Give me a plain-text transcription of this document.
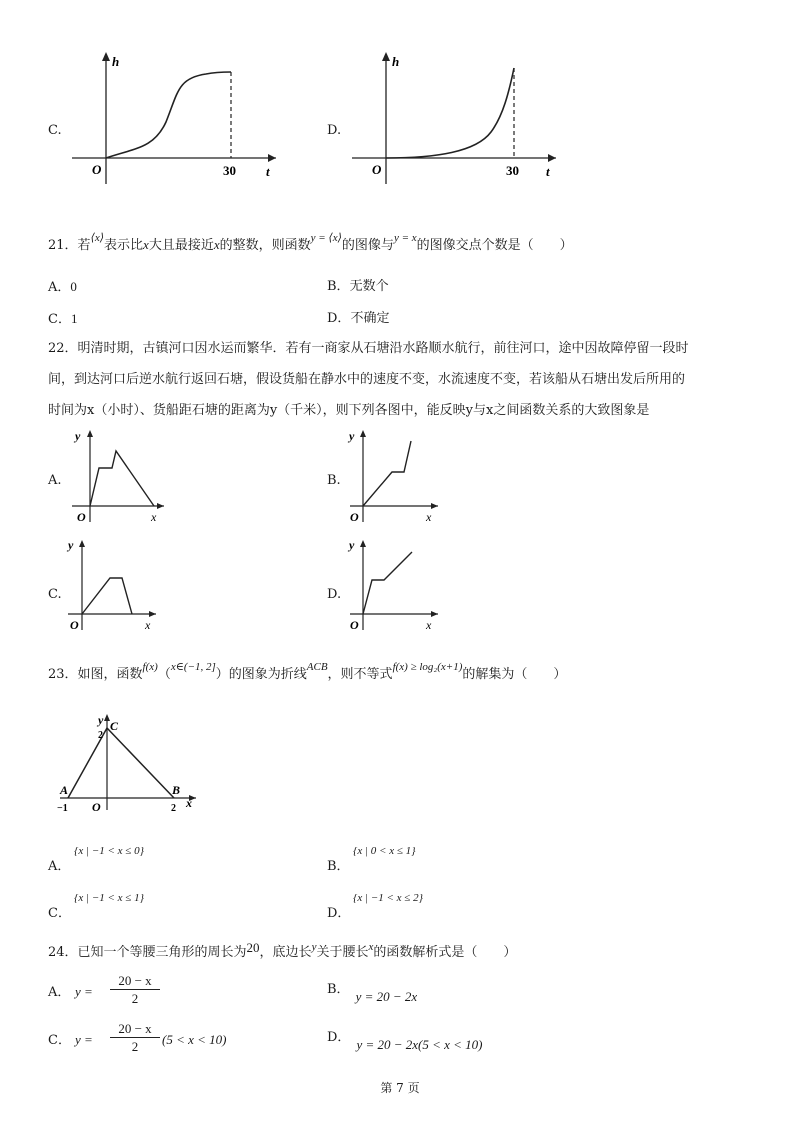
C.
h
t
O	30
D.
h
t
O	30
21．若$^{⟨x⟩}$表示比x大且最接近x的整数，则函数$^{y = ⟨x⟩}$的图像与$^{y = x}$的图像交点个数是（　　）
A．0	B．无数个
C．1	D．不确定
22．明清时期，古镇河口因水运而繁华．若有一商家从石塘沿水路顺水航行，前往河口，途中因故障停留一段时
间，到达河口后逆水航行返回石塘，假设货船在静水中的速度不变，水流速度不变，若该船从石塘出发后所用的
时间为x（小时）、货船距石塘的距离为y（千米），则下列各图中，能反映y与x之间函数关系的大致图象是
A.
y
x
O
B.
y
x
O
C.
y
x
O
D.
y
x
O
23．如图，函数$^{f(x)}$（$^{x\in(-1, 2]}$）的图象为折线$^{ACB}$，则不等式$^{f(x) \ge log_2(x+1)}$的解集为（　　）
y C
2
A	B
−1 O	2 x
A．
{x | −1 < x ≤ 0}
B．
{x | 0 < x ≤ 1}
C．
{x | −1 < x ≤ 1}
D．
{x | −1 < x ≤ 2}
24．已知一个等腰三角形的周长为20，底边长$^y$关于腰长$^x$的函数解析式是（　　）
A． y =
20 − x
2
B． y = 20 − 2x
C． y =
20 − x
2	(5 < x < 10)	D． y = 20 − 2x(5 < x < 10)
第 7 页
